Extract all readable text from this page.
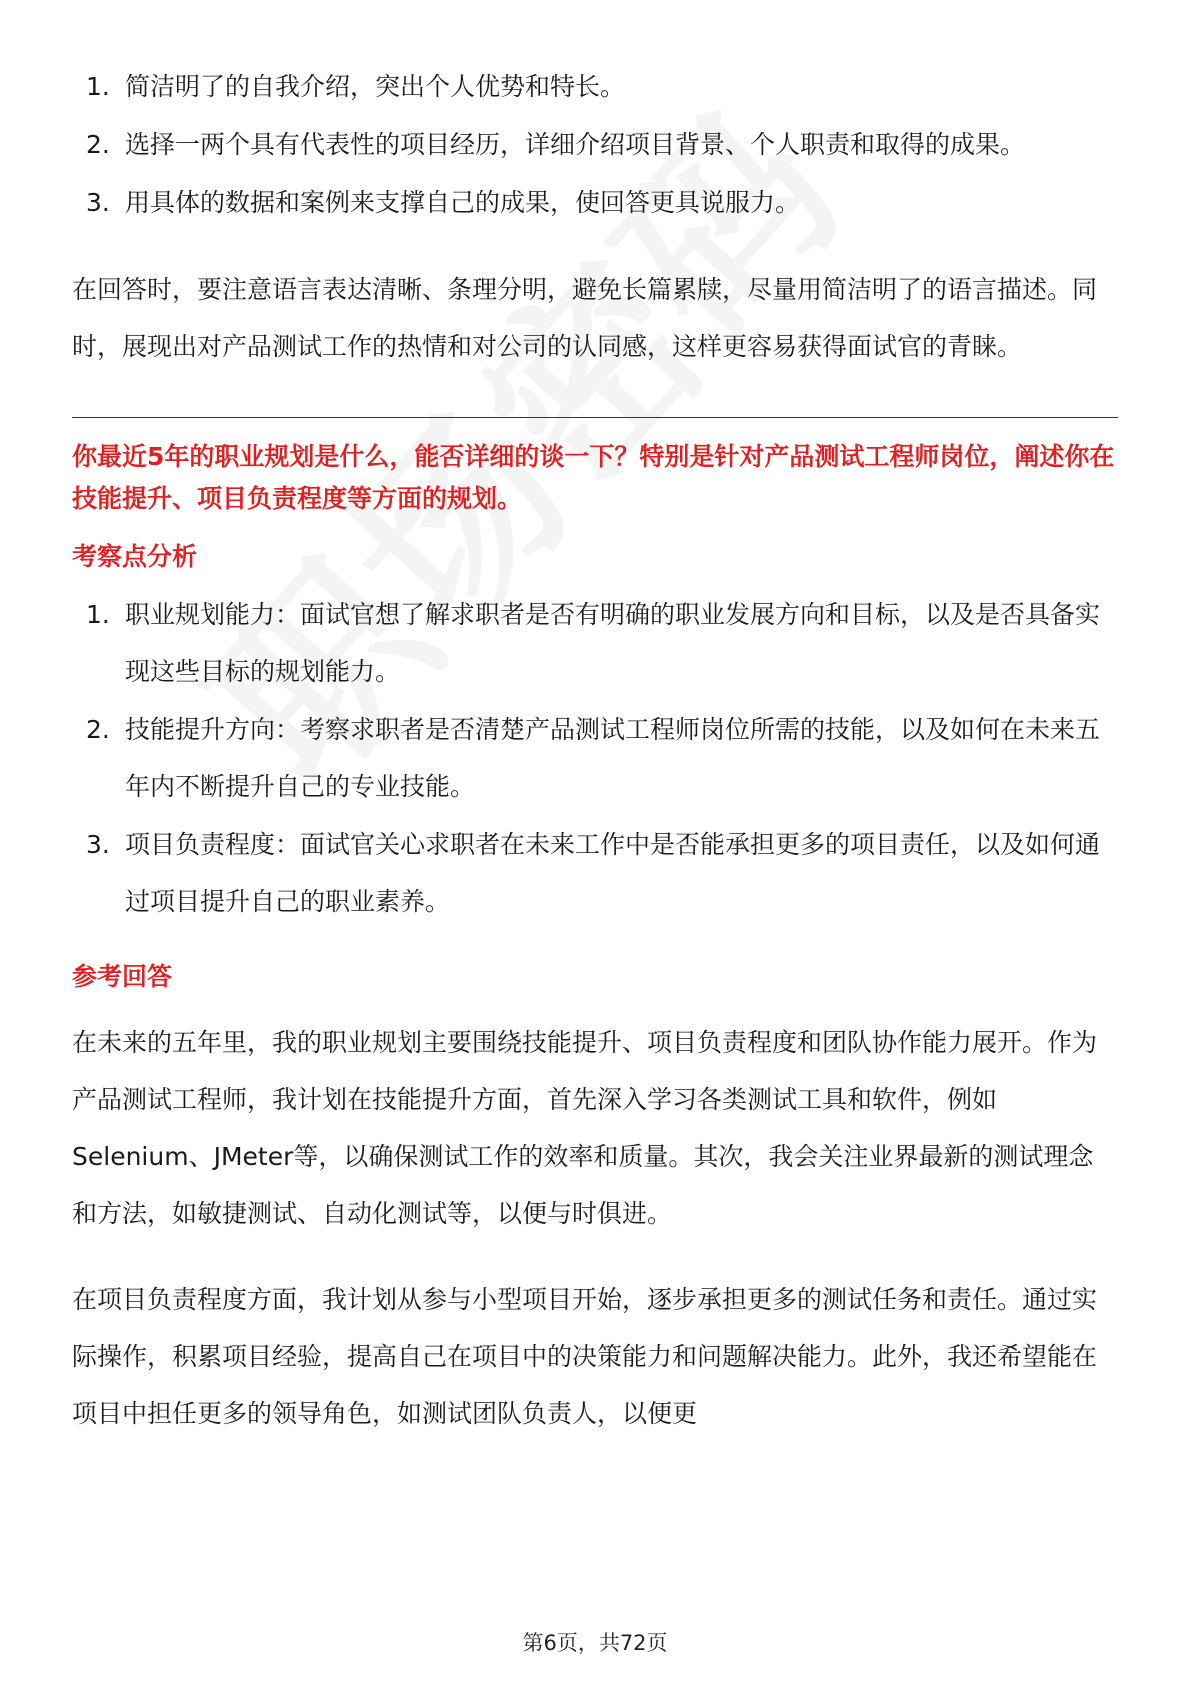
1. 简洁明了的自我介绍，突出个人优势和特长。
2. 选择一两个具有代表性的项目经历，详细介绍项目背景、个人职责和取得的成果。
3. 用具体的数据和案例来支撑自己的成果，使回答更具说服力。

在回答时，要注意语言表达清晰、条理分明，避免长篇累牍，尽量用简洁明了的语言描述。同时，展现出对产品测试工作的热情和对公司的认同感，这样更容易获得面试官的青睐。

你最近5年的职业规划是什么，能否详细的谈一下？特别是针对产品测试工程师岗位，阐述你在技能提升、项目负责程度等方面的规划。
考察点分析
1. 职业规划能力：面试官想了解求职者是否有明确的职业发展方向和目标，以及是否具备实现这些目标的规划能力。
2. 技能提升方向：考察求职者是否清楚产品测试工程师岗位所需的技能，以及如何在未来五年内不断提升自己的专业技能。
3. 项目负责程度：面试官关心求职者在未来工作中是否能承担更多的项目责任，以及如何通过项目提升自己的职业素养。
参考回答

在未来的五年里，我的职业规划主要围绕技能提升、项目负责程度和团队协作能力展开。作为产品测试工程师，我计划在技能提升方面，首先深入学习各类测试工具和软件，例如Selenium、JMeter等，以确保测试工作的效率和质量。其次，我会关注业界最新的测试理念和方法，如敏捷测试、自动化测试等，以便与时俱进。

在项目负责程度方面，我计划从参与小型项目开始，逐步承担更多的测试任务和责任。通过实际操作，积累项目经验，提高自己在项目中的决策能力和问题解决能力。此外，我还希望能在项目中担任更多的领导角色，如测试团队负责人，以便更

第6页，共72页
